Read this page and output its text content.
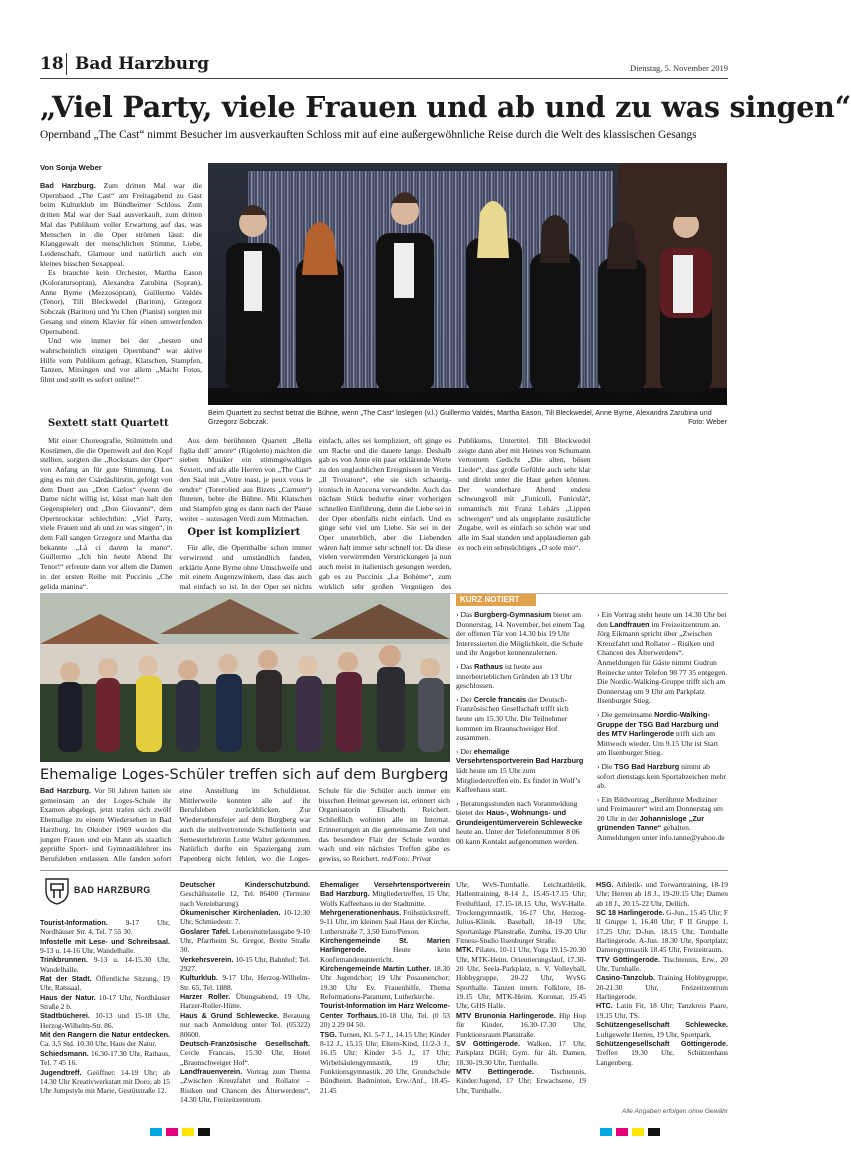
18 Bad Harzburg	Dienstag, 5. November 2019
„Viel Party, viele Frauen und ab und zu was singen“
Opernband „The Cast“ nimmt Besucher im ausverkauften Schloss mit auf eine außergewöhnliche Reise durch die Welt des klassischen Gesangs
Von Sonja Weber

Bad Harzburg. Zum dritten Mal war die Opernband „The Cast“ am Freitagabend zu Gast beim Kulturklub im Bündheimer Schloss. Zum dritten Mal war der Saal ausverkauft, zum dritten Mal das Publikum voller Erwartung auf das, was Menschen in die Oper strömen lässt: die Klanggewalt der menschlichen Stimme, Liebe, Leidenschaft, Glamour und natürlich auch ein kleines bisschen Sexappeal.

Es brauchte kein Orchester, Martha Eason (Koloratursopran), Alexandra Zarubina (Sopran), Anne Byrne (Mezzosopran), Guillermo Valdés (Tenor), Till Bleckwedel (Bariton), Grzegorz Sobczak (Bariton) und Yu Chen (Pianist) sorgten mit Gesang und einem Klavier für einen umwerfenden Opernabend.

Und wie immer bei der „besten und wahrscheinlich einzigen Opernband“ war aktive Hilfe vom Publikum gefragt, Klatschen, Stampfen, Tanzen, Mitsingen und vor allem „Macht Fotos, filmt und stellt es sofort online!“

Beim Quartett zu sechst betrat die Bühne, wenn „The Cast“ loslegen (v.l.) Guillermo Valdés, Martha Eason, Till Bleckwedel, Anne Byrne, Alexandra Zarubina und Grzegorz Sobczak.	Foto: Weber
Sextett statt Quartett

Mit einer Choreografie, Stilmitteln und Kostümen, die die Opernwelt auf den Kopf stellten, sorgten die „Rockstars der Oper“ von Anfang an für gute Stimmung. Los ging es mit der Csárdásfürstin, gefolgt von dem Duett aus „Don Carlos“ (wenn die Dame nicht willig ist, küsst man halt den Gegenspieler) und „Don Giovanni“, dem Opernrockstar schlechthin: „Viel Party, viele Frauen und ab und zu was singen“, in dem Fall sangen Grzegorz und Martha das bekannte „Là ci darem la mano“. Guillermo „Ich bin heute Abend Ihr Tenor!“ erfreute dann vor allem die Damen in der ersten Reihe mit Puccinis „Che gelida manina“.

Aus dem berühmten Quartett „Bella figlia dell´ amore“ (Rigoletto) machten die sieben Musiker ein stimmgewaltiges Sextett, und als alle Herren von „The Cast“ den Saal mit „Votre toast, je peux vous le rendre“ (Torerolied aus Bizets „Carmen“) fluteten, bebte die Bühne. Mit Klatschen und Stampfen ging es dann nach der Pause weiter – sozusagen Verdi zum Mitmachen.

Oper ist kompliziert

Für alle, die Opernhalbe schon immer verwirrend und umständlich fanden, erklärte Anne Byrne ohne Umschweife und mit einem Augenzwinkern, dass das auch mal einfach so ist. In der Oper sei nichts einfach, alles sei kompliziert, oft ginge es um Rache und die dauere lange. Deshalb gab es von Anne ein paar erklärende Worte zu den unglaublichen Ereignissen in Verdis „Il Trovatore“, ehe sie sich schaurig-ironisch in Azucena verwandelte. Auch das nächste Stück bedurfte einer vorherigen schnellen Einführung, denn die Liebe sei in der Oper ebenfalls nicht einfach. Und es ginge sehr viel um Liebe. Sie sei in der Oper unsterblich, aber die Liebenden wären halt immer sehr schnell tot. Da diese vielen verwirrenden Verstrickungen ja nun auch meist in italienisch gesungen werden, gab es zu Puccinis „La Bohème“, zum wirklich sehr großen Vergnügen des Publikums, Untertitel. Till Bleckwedel zeigte dann aber mit Heines von Schumann vertontem Gedicht „Die alten, bösen Lieder“, dass große Gefühle auch sehr klar und direkt unter die Haut gehen können. Der wunderbare Abend endete schwungvoll mit „Funiculì, Funiculà“, romantisch mit Franz Lehárs „Lippen schweigen“ und als ungeplante zusätzliche Zugabe, weil es einfach so schön war und alle im Saal standen und applaudierten gab es noch ein sehnsüchtiges „O sole mio“.

Ehemalige Loges-Schüler treffen sich auf dem Burgberg

Bad Harzburg. Vor 50 Jahren hatten sie gemeinsam an der Loges-Schule ihr Examen abgelegt, jetzt trafen sich zwölf Ehemalige zu einem Wiedersehen in Bad Harzburg. Im Oktober 1969 wurden die jungen Frauen und ein Mann als staatlich geprüfte Sport- und Gymnastiklehrer ins Berufsleben entlassen. Alle fanden sofort eine Anstellung im Schuldienst. Mittlerweile konnten alle auf ihr Berufsleben zurückblicken. Zur Wiedersehensfeier auf dem Burgberg war auch die stellvertretende Schulleiterin und Semesterlehrerin Lotte Walter gekommen. Natürlich durfte ein Spaziergang zum Papenberg nicht fehlen, wo die Loges-Schule für die Schüler auch immer ein bisschen Heimat gewesen ist, erinnert sich Organisatorin Elisabeth Reichert. Schließlich wohnten alle im Internat. Erinnerungen an die gemeinsame Zeit und das besondere Flair der Schule wurden wach und ein nächstes Treffen gäbe es gewiss, so Reichert. red/Foto: Privat

KURZ NOTIERT
› Das Burgberg-Gymnasium bietet am Donnerstag, 14. November, bei einem Tag der offenen Tür von 14.30 bis 19 Uhr Interessierten die Möglichkeit, die Schule und ihr Angebot kennenzulernen.
› Das Rathaus ist heute aus innerbetrieblichen Gründen ab 13 Uhr geschlossen.
› Der Cercle francais der Deutsch-Französischen Gesellschaft trifft sich heute um 15.30 Uhr. Die Teilnehmer kommen im Braunschweiger Hof zusammen.
› Der ehemalige Versehrtensportverein Bad Harzburg lädt heute um 15 Uhr zum Mitgliedertreffen ein. Es findet in Wolf’s Kaffeehaus statt.
› Beratungsstunden nach Voranmeldung bietet der Haus-, Wohnungs- und Grundeigentümerverein Schlewecke heute an. Unter der Telefonnummer 8 06 00 kann Kontakt aufgenommen werden.
› Ein Vortrag steht heute um 14.30 Uhr bei den Landfrauen im Freizeitzentrum an. Jörg Eikmann spricht über „Zwischen Kreuzfahrt und Rollator – Risiken und Chancen des Älterwerdens“. Anmeldungen für Gäste nimmt Gudrun Reinecke unter Telefon 98 77 35 entgegen. Die Nordic-Walking-Gruppe trifft sich am Donnerstag um 9 Uhr am Parkplatz Ilsenburger Stieg.
› Die gemeinsame Nordic-Walking-Gruppe der TSG Bad Harzburg und des MTV Harlingerode trifft sich am Mittwoch wieder. Um 9.15 Uhr ist Start am Ilsenburger Stieg.
› Die TSG Bad Harzburg nimmt ab sofort dienstags kein Sportabzeichen mehr ab.
› Ein Bildvortrag „Berühmte Mediziner und Freimaurer“ wird am Donnerstag um 20 Uhr in der Johannisloge „Zur grünenden Tanne“ gehalten. Anmeldungen unter info.tanne@yahoo.de
BAD HARZBURG
Tourist-Information. 9-17 Uhr, Nordhäuser Str. 4, Tel. 7 55 30.
Infostelle mit Lese- und Schreibsaal. 9-13 u. 14-16 Uhr, Wandelhalle.
Trinkbrunnen. 9-13 u. 14-15.30 Uhr, Wandelhalle.
Rat der Stadt. Öffentliche Sitzung, 19 Uhr, Ratssaal.
Haus der Natur. 10-17 Uhr, Nordhäuser Straße 2 b.
Stadtbücherei. 10-13 und 15-18 Uhr, Herzog-Wilhelm-Str. 86.
Mit den Rangern die Natur entdecken. Ca. 3,5 Std. 10.30 Uhr, Haus der Natur.
Schiedsmann. 16.30-17.30 Uhr, Rathaus, Tel. 7 45 16.
Jugendtreff. Geöffnet: 14-19 Uhr; ab 14.30 Uhr Kreativwerkstatt mit Doro; ab 15 Uhr Jumpstyle mit Marie, Gestütstraße 12.
Deutscher Kinderschutzbund. Geschäftsstelle 12, Tel. 86400 (Termine nach Vereinbarung).
Ökumenischer Kirchenladen. 10-12.30 Uhr, Schmiedestr. 7.
Goslarer Tafel. Lebensmittelausgabe 9-10 Uhr, Pfarrheim St. Gregor, Breite Straße 30.
Verkehrsverein. 10-15 Uhr, Bahnhof; Tel. 2927.
Kulturklub. 9-17 Uhr, Herzog-Wilhelm-Str. 65, Tel. 1888.
Harzer Roller. Übungsabend, 19 Uhr, Harzer-Roller-Hütte.
Haus & Grund Schlewecke. Beratung nur nach Anmeldung unter Tel. (05322) 80600.
Deutsch-Französische Gesellschaft. Cercle Francais, 15.30 Uhr, Hotel „Braunschweiger Hof“.
Landfrauenverein. Vortrag zum Thema „Zwischen Kreuzfahrt und Rollator – Risiken und Chancen des Älterwerdens“, 14.30 Uhr, Freizeitzentrum.
Ehemaliger Versehrtensportverein Bad Harzburg. Mitgliedertreffen, 15 Uhr, Wolfs Kaffeehaus in der Stadtmitte.
Mehrgenerationenhaus. Frühstückstreff, 9-11 Uhr, im kleinen Saal Haus der Kirche, Lutherstraße 7, 3,50 Euro/Person.
Kirchengemeinde St. Marien Harlingerode. Heute kein Konfirmandenunterricht.
Kirchengemeinde Martin Luther. 18.30 Uhr Jugendchor; 19 Uhr Posaunenchor; 19.30 Uhr Ev. Frauenhilfe, Thema Reformations-Parament, Lutherkirche.
Tourist-Information im Harz Welcome-Center Torfhaus.10-18 Uhr, Tel. (0 53 20) 2 29 04 50.
TSG. Turnen, Kl. 5-7 J., 14.15 Uhr; Kinder 8-12 J., 15.15 Uhr; Eltern-Kind, 11/2-3 J., 16.15 Uhr; Kinder 3-5 J., 17 Uhr; Wirbelsäulengymnastik, 19 Uhr; Funktionsgymnastik, 20 Uhr, Grundschule Bündheim. Badminton, Erw./Anf., 18.45-21.45
Uhr, WvS-Turnhalle. Leichtathletik, Hallentraining, 8-14 J., 15.45-17.15 Uhr; Freiluftlauf, 17.15-18.15 Uhr, WsV-Halle. Trockengymnastik, 16-17 Uhr, Herzog-Julius-Klinik. Baseball, 18-19 Uhr, Sportanlage Planstraße. Zumba, 19-20 Uhr Fitness-Studio Ilsenburger Straße.
MTK. Pilates, 10-11 Uhr, Yoga 19.15-20.30 Uhr, MTK-Heim. Orientierungslauf, 17.30-20 Uhr, Seela-Parkplatz, n. V. Volleyball, Hobbygruppe, 20-22 Uhr, WvSG Sporthalle. Tanzen intern. Folklore, 18-19.15 Uhr, MTK-Heim. Koronar, 19.45 Uhr, GHS Halle.
MTV Brunonia Harlingerode. Hip Hop für Kinder, 16.30-17.30 Uhr, Funktionsraum Planstraße.
SV Göttingerode. Walken, 17 Uhr, Parkplatz DGH; Gym. für ält. Damen, 18.30-19.30 Uhr, Turnhalle.
MTV Bettingerode. Tischtennis, Kinder/Jugend, 17 Uhr; Erwachsene, 19 Uhr, Turnhalle.
HSG. Athletik- und Torwarttraining, 18-19 Uhr; Herren ab 18 J., 19-20.15 Uhr; Damen ab 18 J., 20.15-22 Uhr, Dellich.
SC 18 Harlingerode. G-Jun., 15.45 Uhr; F II Gruppe 1, 16.40 Uhr; F II Gruppe 1, 17.25 Uhr; D-Jun. 18.15 Uhr, Turnhalle Harlingerode. A-Jun. 18.30 Uhr, Sportplatz; Damengymnastik 18.45 Uhr, Freizeitraum.
TTV Göttingerode. Tischtennis, Erw., 20 Uhr, Turnhalle.
Casino-Tanzclub. Training Hobbygruppe, 20-21.30 Uhr, Freizeitzentrum Harlingerode.
HTC. Latin Fit, 18 Uhr; Tanzkreis Paare, 19.15 Uhr, TS.
Schützengesellschaft Schlewecke. Luftgewehr Herren, 19 Uhr, Sportpark.
Schützengesellschaft Göttingerode. Treffen 19.30 Uhr, Schützenhaus Langenberg.
Alle Angaben erfolgen ohne Gewähr
